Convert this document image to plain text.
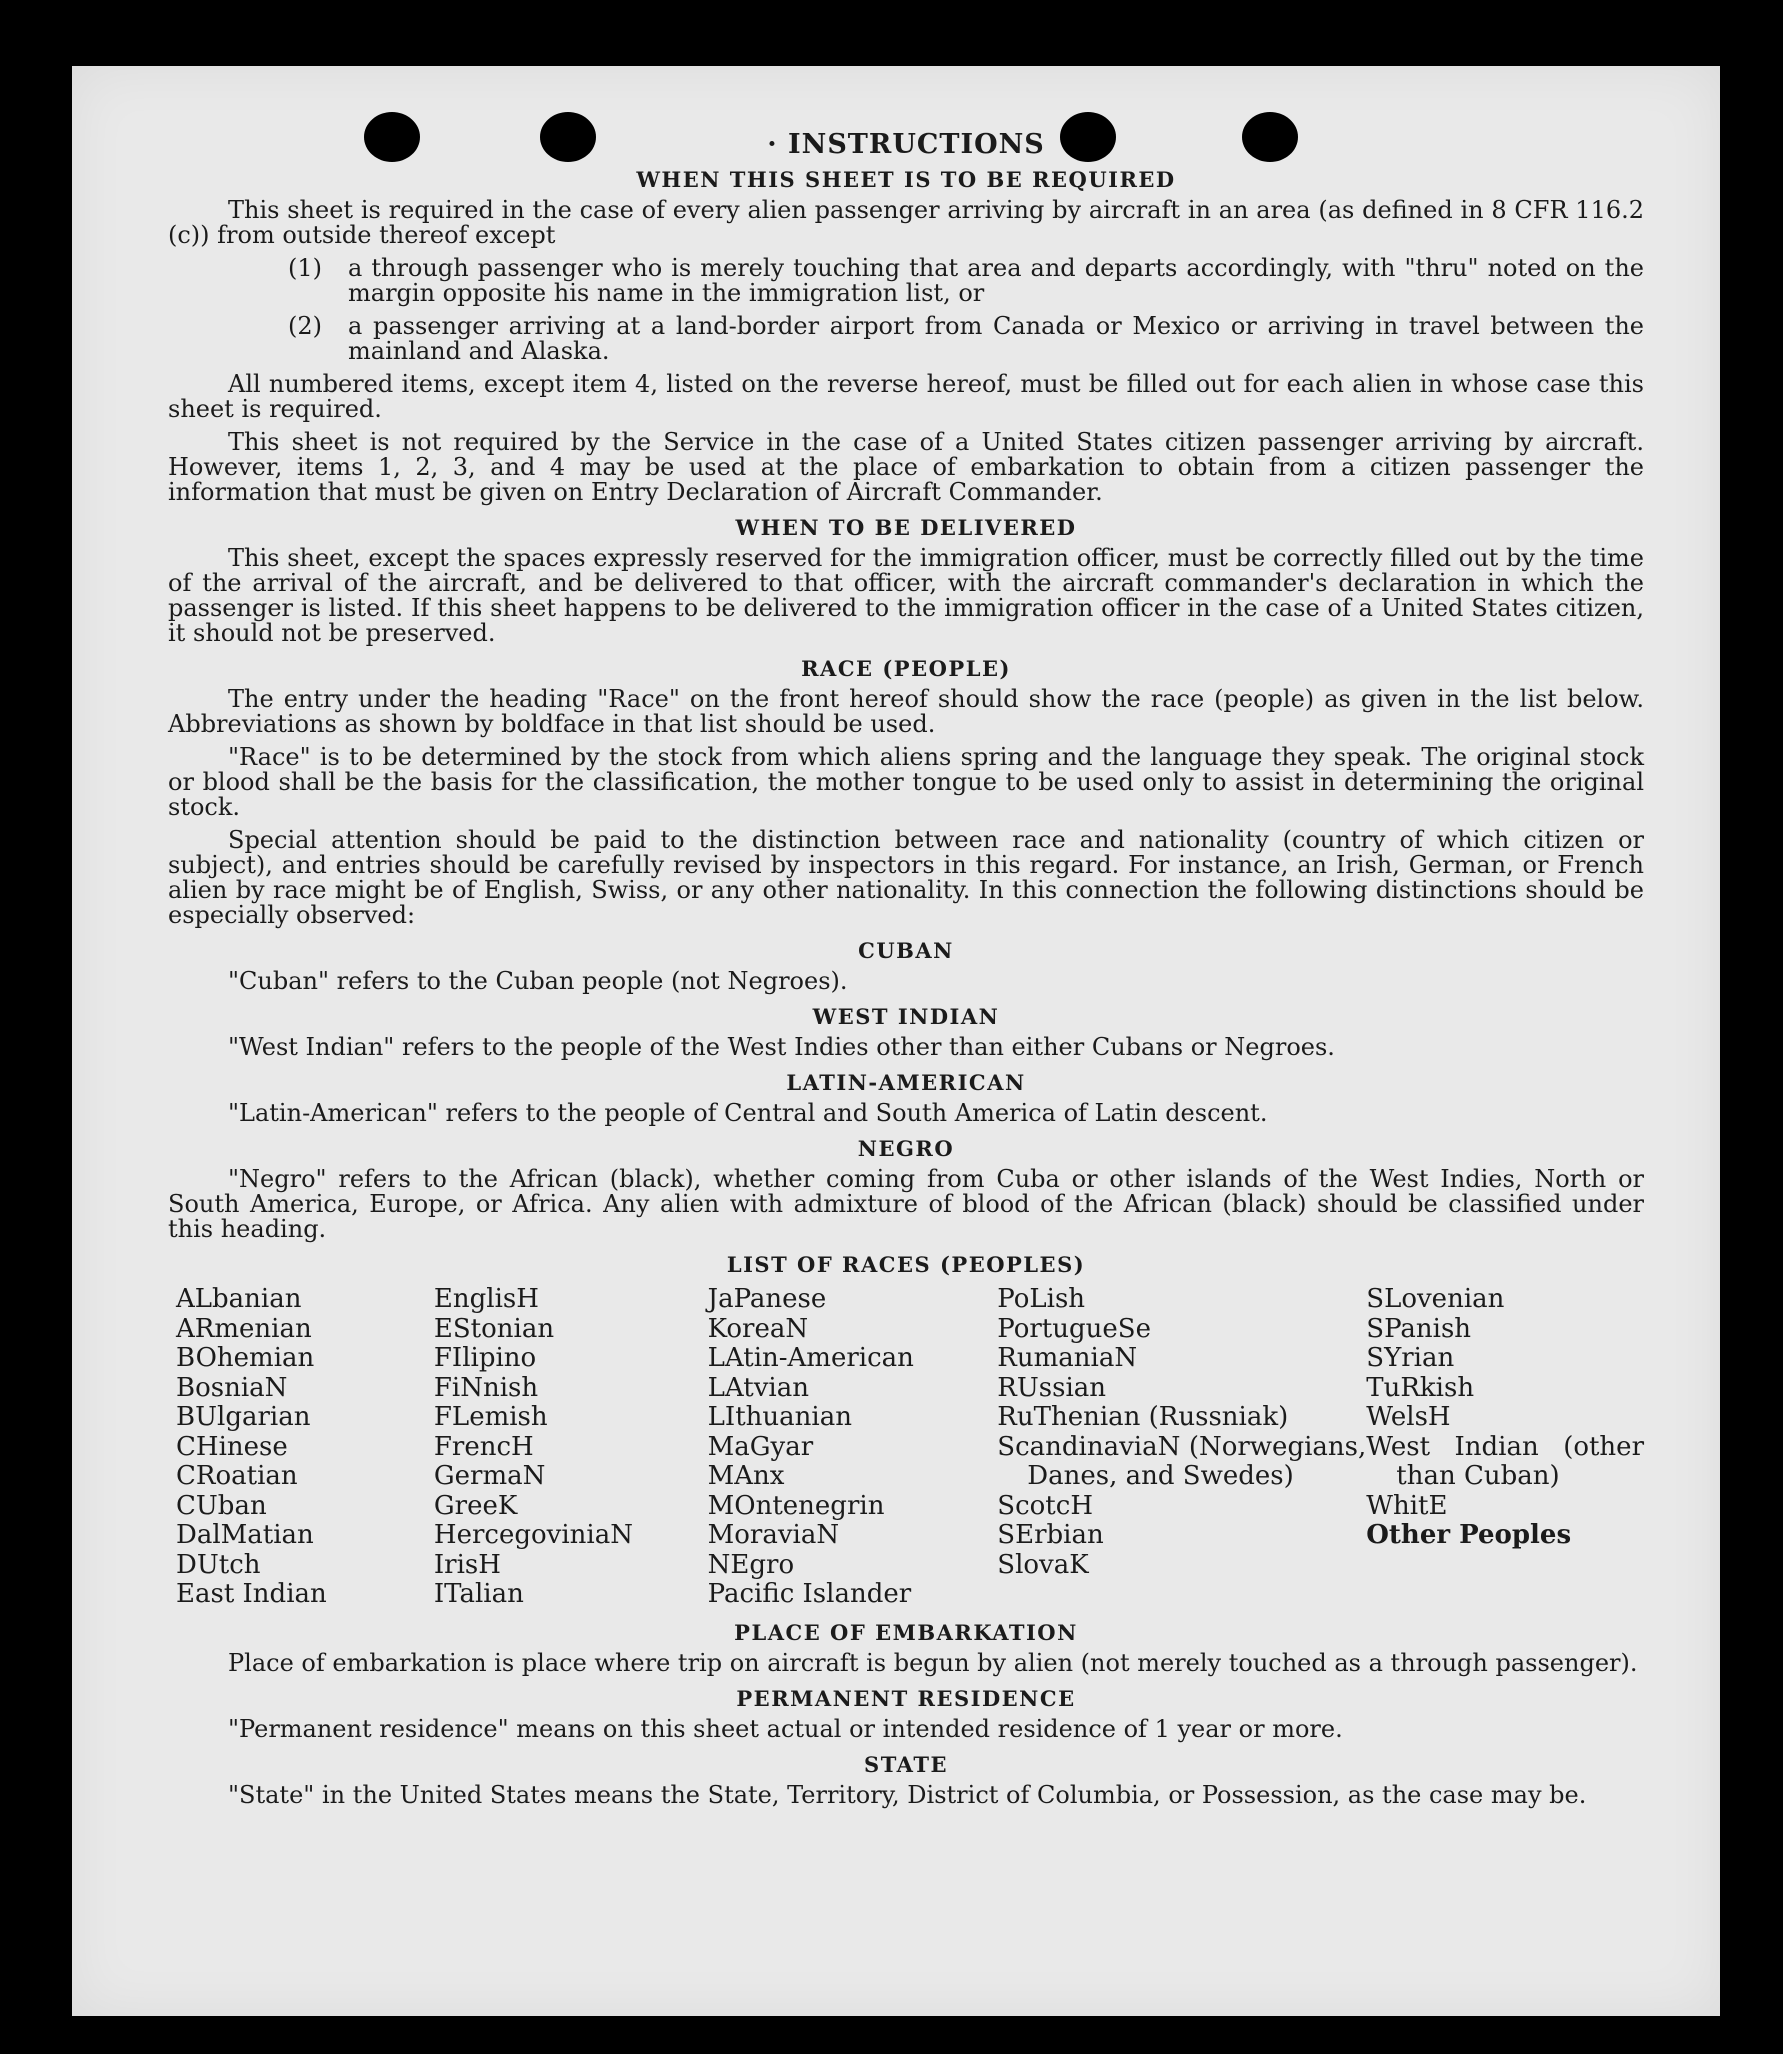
· INSTRUCTIONS
WHEN THIS SHEET IS TO BE REQUIRED

This sheet is required in the case of every alien passenger arriving by aircraft in an area (as defined in 8 CFR 116.2 (c)) from outside thereof except

(1)	a through passenger who is merely touching that area and departs accordingly, with "thru" noted on the margin opposite his name in the immigration list, or
(2)	a passenger arriving at a land-border airport from Canada or Mexico or arriving in travel between the mainland and Alaska.

All numbered items, except item 4, listed on the reverse hereof, must be filled out for each alien in whose case this sheet is required.

This sheet is not required by the Service in the case of a United States citizen passenger arriving by aircraft. However, items 1, 2, 3, and 4 may be used at the place of embarkation to obtain from a citizen passenger the information that must be given on Entry Declaration of Aircraft Commander.

WHEN TO BE DELIVERED

This sheet, except the spaces expressly reserved for the immigration officer, must be correctly filled out by the time of the arrival of the aircraft, and be delivered to that officer, with the aircraft commander's declaration in which the passenger is listed. If this sheet happens to be delivered to the immigration officer in the case of a United States citizen, it should not be preserved.

RACE (PEOPLE)

The entry under the heading "Race" on the front hereof should show the race (people) as given in the list below. Abbreviations as shown by boldface in that list should be used.

"Race" is to be determined by the stock from which aliens spring and the language they speak. The original stock or blood shall be the basis for the classification, the mother tongue to be used only to assist in determining the original stock.

Special attention should be paid to the distinction between race and nationality (country of which citizen or subject), and entries should be carefully revised by inspectors in this regard. For instance, an Irish, German, or French alien by race might be of English, Swiss, or any other nationality. In this connection the following distinctions should be especially observed:

CUBAN

"Cuban" refers to the Cuban people (not Negroes).

WEST INDIAN

"West Indian" refers to the people of the West Indies other than either Cubans or Negroes.

LATIN-AMERICAN

"Latin-American" refers to the people of Central and South America of Latin descent.

NEGRO

"Negro" refers to the African (black), whether coming from Cuba or other islands of the West Indies, North or South America, Europe, or Africa. Any alien with admixture of blood of the African (black) should be classified under this heading.

LIST OF RACES (PEOPLES)
ALbanian
ARmenian
BOhemian
BosniaN
BUlgarian
CHinese
CRoatian
CUban
DalMatian
DUtch
East Indian
EnglisH
EStonian
FIlipino
FiNnish
FLemish
FrencH
GermaN
GreeK
HercegoviniaN
IrisH
ITalian
JaPanese
KoreaN
LAtin-American
LAtvian
LIthuanian
MaGyar
MAnx
MOntenegrin
MoraviaN
NEgro
Pacific Islander
PoLish
PortugueSe
RumaniaN
RUssian
RuThenian (Russniak)
ScandinaviaN (Norwegians, Danes, and Swedes)
ScotcH
SErbian
SlovaK
SLovenian
SPanish
SYrian
TuRkish
WelsH
West Indian (other than Cuban)
WhitE
Other Peoples
PLACE OF EMBARKATION

Place of embarkation is place where trip on aircraft is begun by alien (not merely touched as a through passenger).

PERMANENT RESIDENCE

"Permanent residence" means on this sheet actual or intended residence of 1 year or more.

STATE

"State" in the United States means the State, Territory, District of Columbia, or Possession, as the case may be.
